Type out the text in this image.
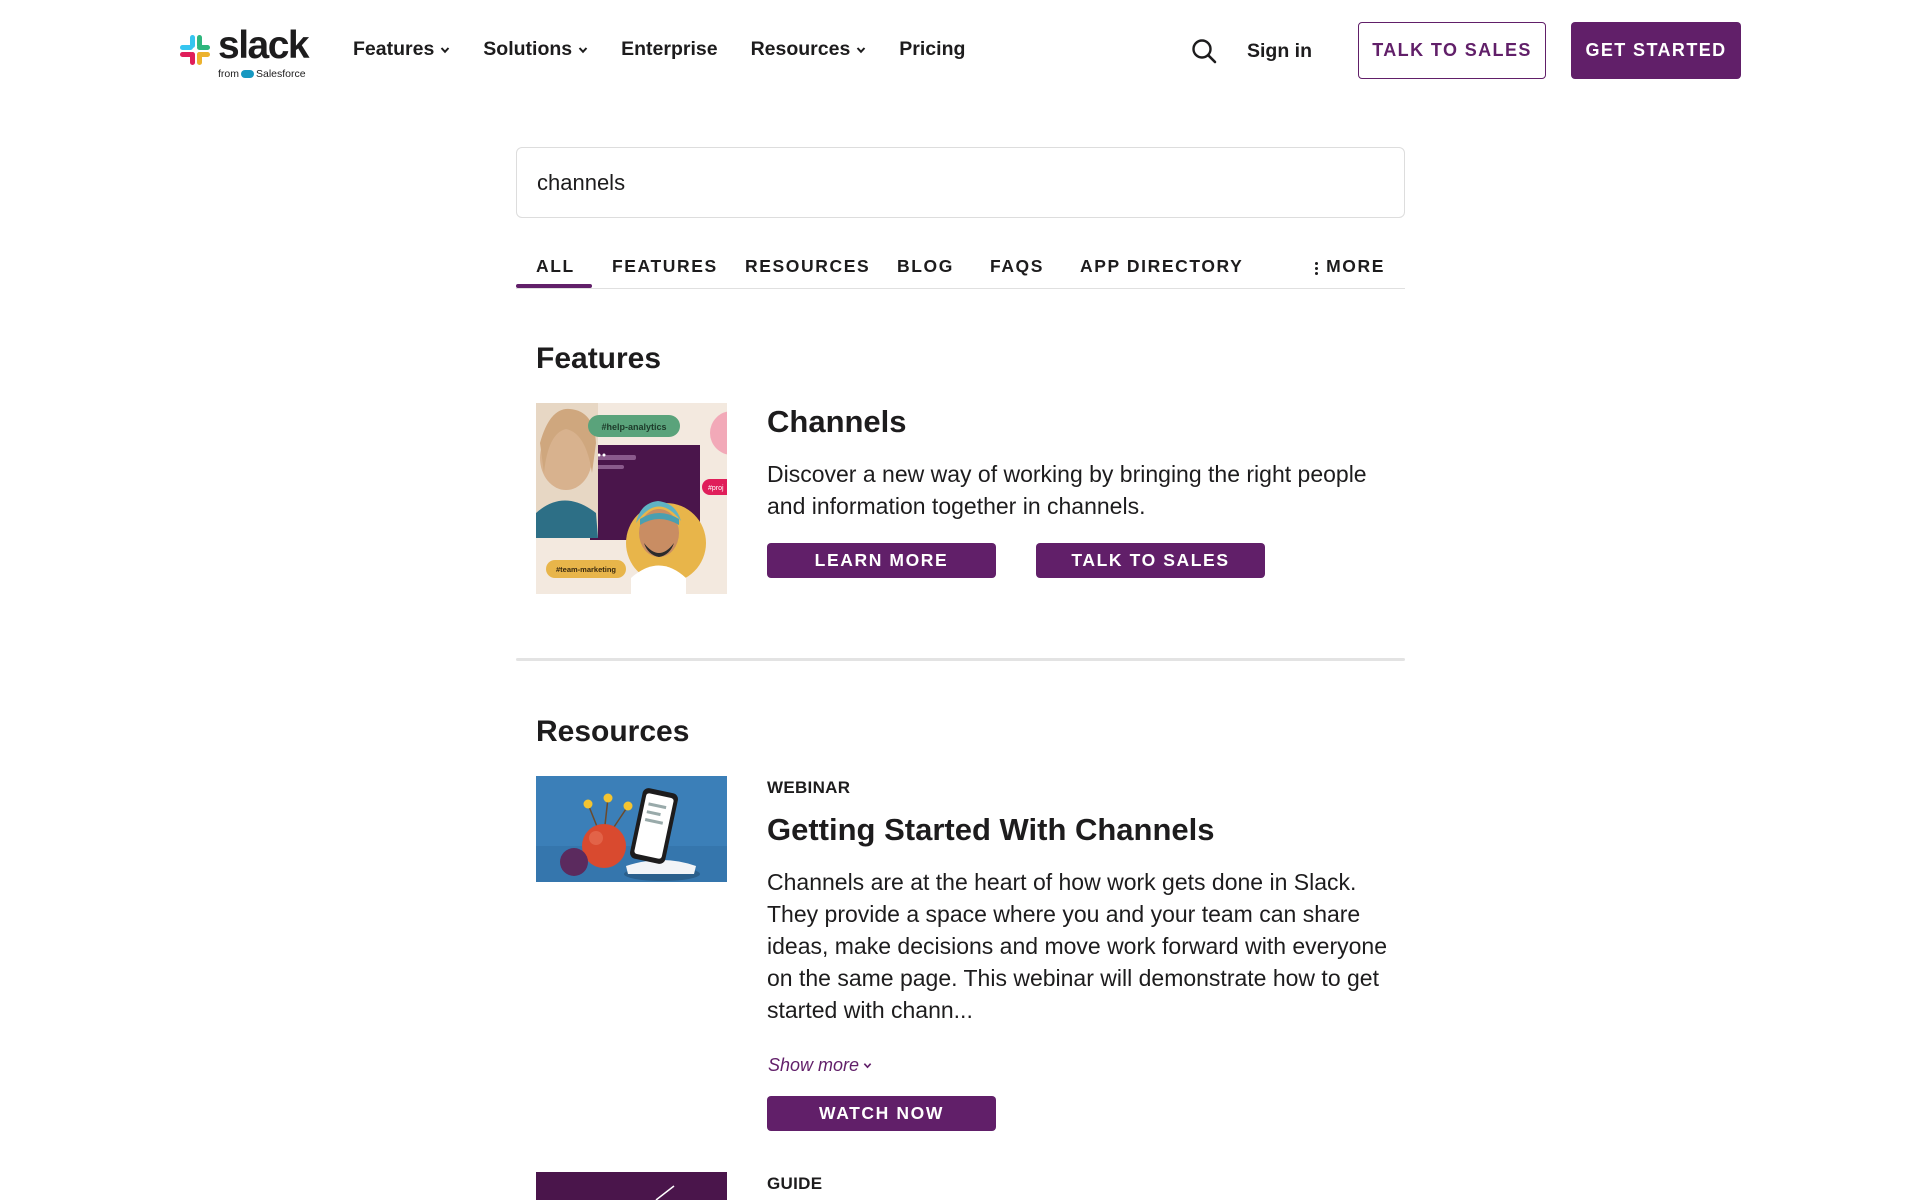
slack
from Salesforce
Features	Solutions	Enterprise Resources	Pricing	Sign in	TALK TO SALES	GET STARTED
channels
ALL FEATURES RESOURCES BLOG FAQS APP DIRECTORY	MORE
Features
#help-analytics
#team-marketing
#proj
Channels

Discover a new way of working by bringing the right people and information together in channels.

LEARN MORE	TALK TO SALES
Resources
WEBINAR
Getting Started With Channels

Channels are at the heart of how work gets done in Slack. They provide a space where you and your team can share ideas, make decisions and move work forward with everyone on the same page. This webinar will demonstrate how to get started with chann...

Show more
WATCH NOW
GUIDE
